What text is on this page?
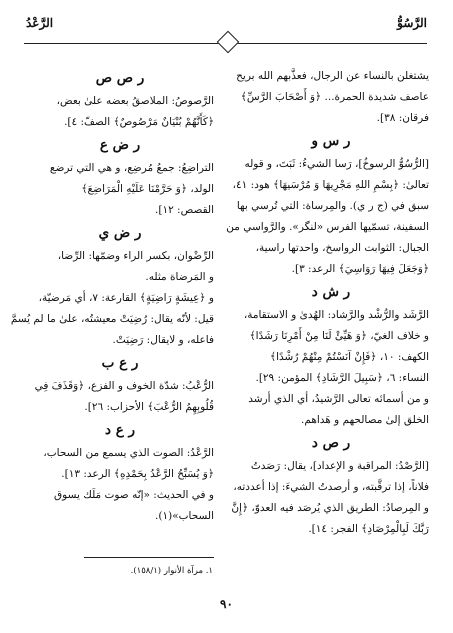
الرَّسُوُّ
الرَّعْدُ
يشتغلن بالنساء عن الرجال، فعذَّبهم الله بريح
عاصف شديدة الحمرة... ﴿وَ أَصْحَابَ الرَّسِّ﴾
فرقان: ٣٨].
ر س و
[الرُّسُوُّ الرسوخُ]، رَسا الشيءُ: ثَبَتَ، و قوله
تعالىٰ: ﴿بِسْمِ اللهِ مَجْرِيهَا وَ مُرْسَيهَا﴾ هود: ٤١،
سبق في (ج ر ي). والمِرساة: التي تُرسي بها
السفينة، تسمّيها الفرس «لنگر». والرَّواسي من
الجبال: الثوابت الرواسخ، واحدتها راسية،
﴿وَجَعَلَ فِيهَا رَوَاسِيَ﴾ الرعد: ٣].
ر ش د
الرَّشَد والرُّشْد والرَّشاد: الهُدىٰ و الاستقامة،
و خلاف الغيّ، ﴿وَ هَيِّئْ لَنَا مِنْ أَمْرِنَا رَشَدًا﴾
الكهف: ١٠، ﴿فَإِنْ آنَسْتُمْ مِنْهُمْ رُشْدًا﴾
النساء: ٦، ﴿سَبِيلَ الرَّشَادِ﴾ المؤمن: ٢٩].
و من أسمائه تعالى الرَّشيدُ، أي الذي أرشد
الخلق إلىٰ مصالحهم و هَداهم.
ر ص د
[الرَّصْدُ: المراقبة و الإعداد]، يقال: رَصَدتُ
فلاناً، إذا ترقَّبته، و أرصدتُ الشيءَ: إذا أعددته،
و المِرصادُ: الطريق الذي يُرصَد فيه العدوّ، ﴿إِنَّ
رَبَّكَ لَبِالْمِرْصَادِ﴾ الفجر: ١٤].
ر ص ص
الرَّصوصُ: الملاصقُ بعضه علىٰ بعض،
﴿كَأَنَّهُمْ بُنْيَانٌ مَرْصُوصٌ﴾ الصفّ: ٤].
ر ض ع
التراضِعُ: جمعُ مُرضِع، و هي التي ترضع
الولد، ﴿وَ حَرَّمْنَا عَلَيْهِ الْمَرَاضِعَ﴾
القصص: ١٢].
ر ض ي
الرِّضْوان، بكسر الراء وضمّها: الرِّضا،
و المَرضاة مثله.
و ﴿عِيشَةٍ رَاضِيَةٍ﴾ القارعة: ٧، أي مَرضيّة،
قيل: لأنّه يقال: رُضِيَتْ معيشتُه، علىٰ ما لم يُسمَّ
فاعله، و لايقال: رَضِيَتْ.
ر ع ب
الرُّعْبُ: شدّة الخوف و الفزع، ﴿وَقَذَفَ فِي
قُلُوبِهِمُ الرُّعْبَ﴾ الأحزاب: ٢٦].
ر ع د
الرَّعْدُ: الصوت الذي يسمع من السحاب،
﴿وَ يُسَبِّحُ الرَّعْدُ بِحَمْدِهِ﴾ الرعد: ١٣].
و في الحديث: «إنّه صوت مَلَك يسوق
السحاب»(١).
١. مرآة الأنوار (١٥٨/١).
٩٠
